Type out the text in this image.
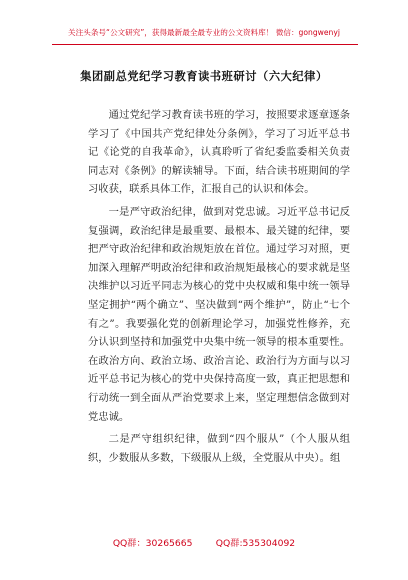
关注头条号“公文研究”，获得最新最全最专业的公文资料库！ 微信：gongwenyj
集团副总党纪学习教育读书班研讨（六大纪律）

通过党纪学习教育读书班的学习，按照要求逐章逐条学习了《中国共产党纪律处分条例》，学习了习近平总书记《论党的自我革命》，认真聆听了省纪委监委相关负责同志对《条例》的解读辅导。下面，结合读书班期间的学习收获，联系具体工作，汇报自己的认识和体会。

一是严守政治纪律，做到对党忠诚。习近平总书记反复强调，政治纪律是最重要、最根本、最关键的纪律，要把严守政治纪律和政治规矩放在首位。通过学习对照，更加深入理解严明政治纪律和政治规矩最核心的要求就是坚决维护以习近平同志为核心的党中央权威和集中统一领导坚定拥护“两个确立”、坚决做到“两个维护”，防止“七个有之”。我要强化党的创新理论学习，加强党性修养，充分认识到坚持和加强党中央集中统一领导的根本重要性。在政治方向、政治立场、政治言论、政治行为方面与以习近平总书记为核心的党中央保持高度一致，真正把思想和行动统一到全面从严治党要求上来，坚定理想信念做到对党忠诚。

二是严守组织纪律，做到“四个服从”（个人服从组织，少数服从多数，下级服从上级，全党服从中央）。组

QQ群：30265665        QQ群:535304092
